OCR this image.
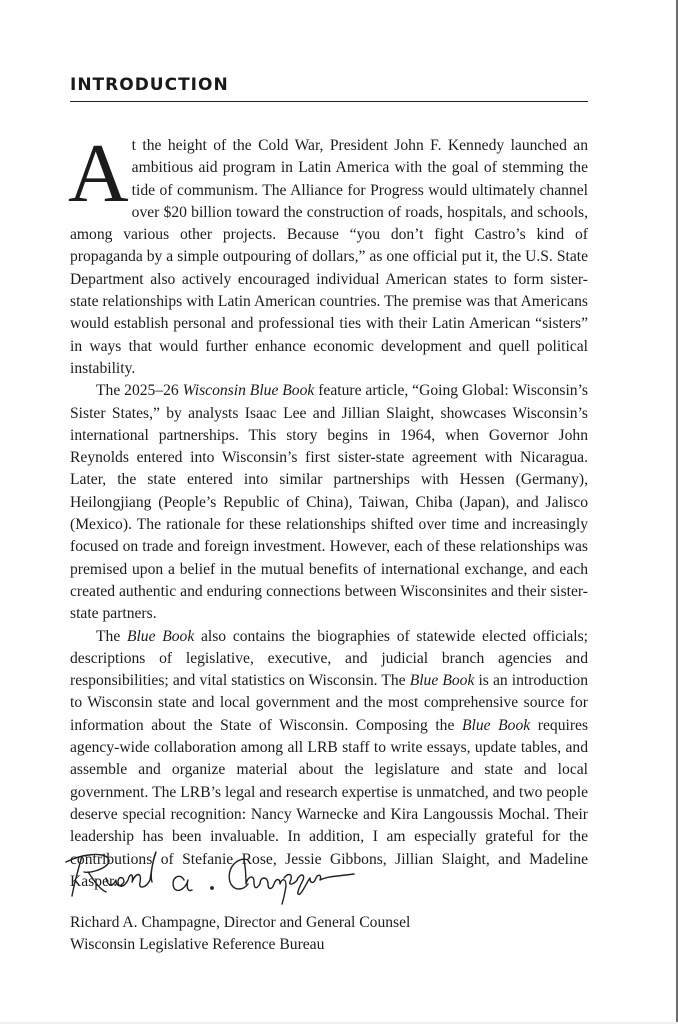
INTRODUCTION

At the height of the Cold War, President John F. Kennedy launched an ambitious aid program in Latin America with the goal of stemming the tide of communism. The Alliance for Progress would ultimately channel over $20 billion toward the construction of roads, hospitals, and schools, among various other projects. Because “you don’t fight Castro’s kind of propaganda by a simple outpouring of dollars,” as one official put it, the U.S. State Department also actively encouraged individual American states to form sister-state relationships with Latin American countries. The premise was that Americans would establish personal and professional ties with their Latin American “sisters” in ways that would further enhance economic development and quell political instability.

The 2025–26 Wisconsin Blue Book feature article, “Going Global: Wisconsin’s Sister States,” by analysts Isaac Lee and Jillian Slaight, showcases Wisconsin’s international partnerships. This story begins in 1964, when Governor John Reynolds entered into Wisconsin’s first sister-state agreement with Nicaragua. Later, the state entered into similar partnerships with Hessen (Germany), Heilongjiang (People’s Republic of China), Taiwan, Chiba (Japan), and Jalisco (Mexico). The rationale for these relationships shifted over time and increasingly focused on trade and foreign investment. However, each of these relationships was premised upon a belief in the mutual benefits of international exchange, and each created authentic and enduring connections between Wisconsinites and their sister-state partners.

The Blue Book also contains the biographies of statewide elected officials; descriptions of legislative, executive, and judicial branch agencies and responsibilities; and vital statistics on Wisconsin. The Blue Book is an introduction to Wisconsin state and local government and the most comprehensive source for information about the State of Wisconsin. Composing the Blue Book requires agency-wide collaboration among all LRB staff to write essays, update tables, and assemble and organize material about the legislature and state and local government. The LRB’s legal and research expertise is unmatched, and two people deserve special recognition: Nancy Warnecke and Kira Langoussis Mochal. Their leadership has been invaluable. In addition, I am especially grateful for the contributions of Stefanie Rose, Jessie Gibbons, Jillian Slaight, and Madeline Kasper.

Richard A. Champagne, Director and General Counsel
Wisconsin Legislative Reference Bureau
